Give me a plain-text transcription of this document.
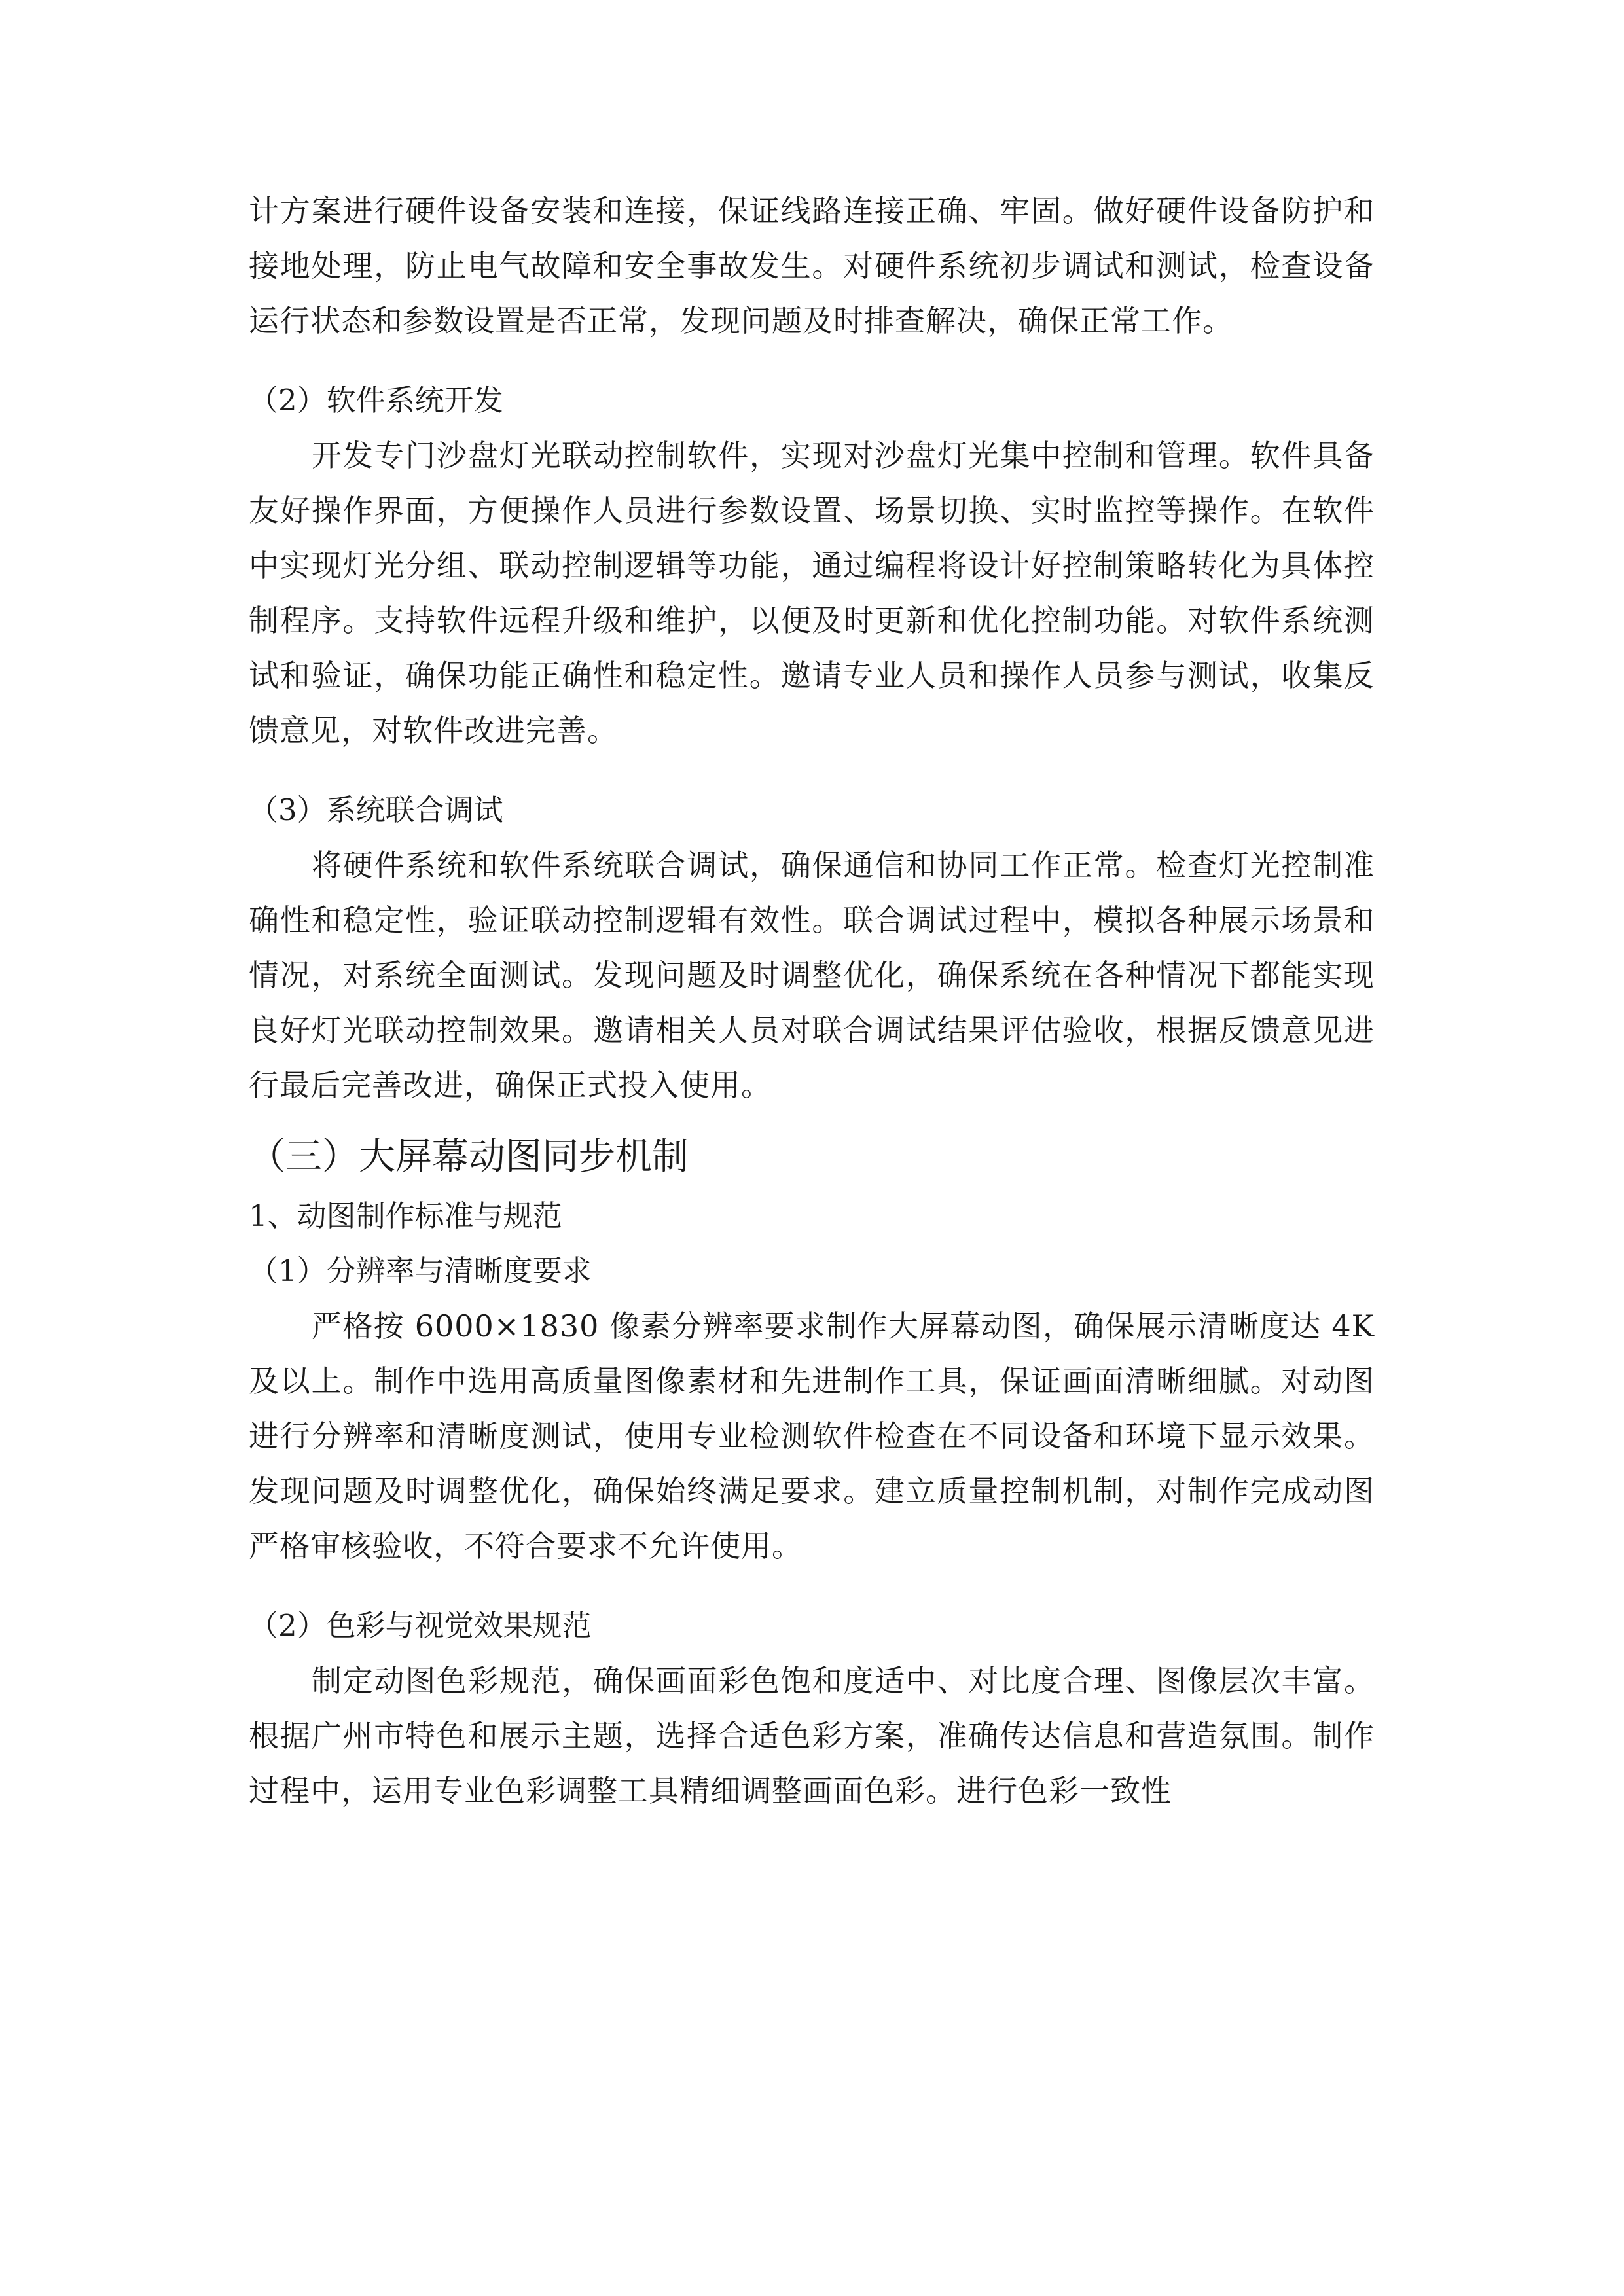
计方案进行硬件设备安装和连接，保证线路连接正确、牢固。做好硬件设备防护和接地处理，防止电气故障和安全事故发生。对硬件系统初步调试和测试，检查设备运行状态和参数设置是否正常，发现问题及时排查解决，确保正常工作。

（2）软件系统开发

开发专门沙盘灯光联动控制软件，实现对沙盘灯光集中控制和管理。软件具备友好操作界面，方便操作人员进行参数设置、场景切换、实时监控等操作。在软件中实现灯光分组、联动控制逻辑等功能，通过编程将设计好控制策略转化为具体控制程序。支持软件远程升级和维护，以便及时更新和优化控制功能。对软件系统测试和验证，确保功能正确性和稳定性。邀请专业人员和操作人员参与测试，收集反馈意见，对软件改进完善。

（3）系统联合调试

将硬件系统和软件系统联合调试，确保通信和协同工作正常。检查灯光控制准确性和稳定性，验证联动控制逻辑有效性。联合调试过程中，模拟各种展示场景和情况，对系统全面测试。发现问题及时调整优化，确保系统在各种情况下都能实现良好灯光联动控制效果。邀请相关人员对联合调试结果评估验收，根据反馈意见进行最后完善改进，确保正式投入使用。

（三）大屏幕动图同步机制

1、动图制作标准与规范

（1）分辨率与清晰度要求

严格按 6000×1830 像素分辨率要求制作大屏幕动图，确保展示清晰度达 4K 及以上。制作中选用高质量图像素材和先进制作工具，保证画面清晰细腻。对动图进行分辨率和清晰度测试，使用专业检测软件检查在不同设备和环境下显示效果。发现问题及时调整优化，确保始终满足要求。建立质量控制机制，对制作完成动图严格审核验收，不符合要求不允许使用。

（2）色彩与视觉效果规范

制定动图色彩规范，确保画面彩色饱和度适中、对比度合理、图像层次丰富。根据广州市特色和展示主题，选择合适色彩方案，准确传达信息和营造氛围。制作过程中，运用专业色彩调整工具精细调整画面色彩。进行色彩一致性
